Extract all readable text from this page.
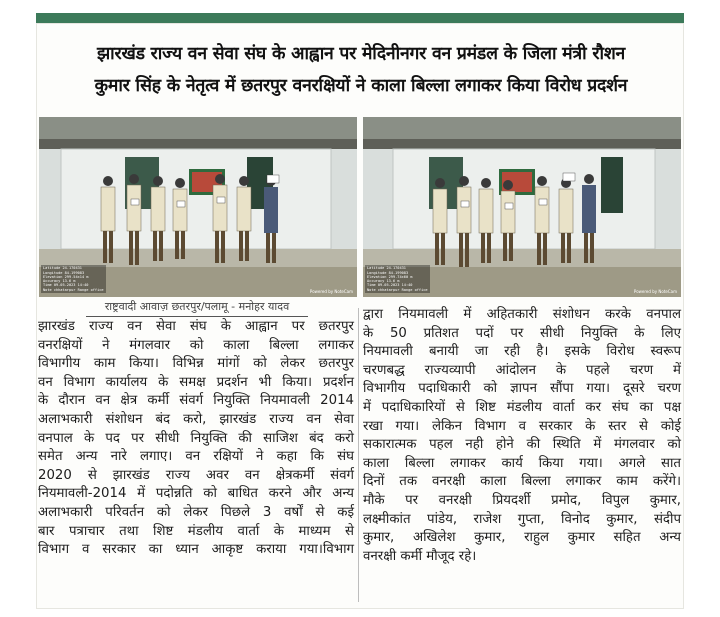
झारखंड राज्य वन सेवा संघ के आह्वान पर मेदिनीनगर वन प्रमंडल के जिला मंत्री रौशन
कुमार सिंह के नेतृत्व में छतरपुर वनरक्षियों ने काला बिल्ला लगाकर किया विरोध प्रदर्शन
Latitude 24.170431
Longitude 84.199083
Elevation 299.54±14 m
Accuracy 13.6 m
Time 09-05-2023 14:40
Note chhatarpur Range office	Powered by NoteCam
Latitude 24.170431
Longitude 84.199083
Elevation 299.74±60 m
Accuracy 13.6 m
Time 09-05-2023 14:40
Note chhatarpur Range office	Powered by NoteCam
राष्ट्रवादी आवाज़ छतरपुर/पलामू - मनोहर यादव

झारखंड राज्य वन सेवा संघ के आह्वान पर छतरपुर

वनरक्षियों ने मंगलवार को काला बिल्ला लगाकर

विभागीय काम किया। विभिन्न मांगों को लेकर छतरपुर

वन विभाग कार्यालय के समक्ष प्रदर्शन भी किया। प्रदर्शन

के दौरान वन क्षेत्र कर्मी संवर्ग नियुक्ति नियमावली 2014

अलाभकारी संशोधन बंद करो, झारखंड राज्य वन सेवा

वनपाल के पद पर सीधी नियुक्ति की साजिश बंद करो

समेत अन्य नारे लगाए। वन रक्षियों ने कहा कि संघ

2020 से झारखंड राज्य अवर वन क्षेत्रकर्मी संवर्ग

नियमावली-2014 में पदोन्नति को बाधित करने और अन्य

अलाभकारी परिवर्तन को लेकर पिछले 3 वर्षों से कई

बार पत्राचार तथा शिष्ट मंडलीय वार्ता के माध्यम से

विभाग व सरकार का ध्यान आकृष्ट कराया गया।विभाग

द्वारा नियमावली में अहितकारी संशोधन करके वनपाल

के 50 प्रतिशत पदों पर सीधी नियुक्ति के लिए

नियमावली बनायी जा रही है। इसके विरोध स्वरूप

चरणबद्ध राज्यव्यापी आंदोलन के पहले चरण में

विभागीय पदाधिकारी को ज्ञापन सौंपा गया। दूसरे चरण

में पदाधिकारियों से शिष्ट मंडलीय वार्ता कर संघ का पक्ष

रखा गया। लेकिन विभाग व सरकार के स्तर से कोई

सकारात्मक पहल नही होने की स्थिति में मंगलवार को

काला बिल्ला लगाकर कार्य किया गया। अगले सात

दिनों तक वनरक्षी काला बिल्ला लगाकर काम करेंगे।

मौके पर वनरक्षी प्रियदर्शी प्रमोद, विपुल कुमार,

लक्ष्मीकांत पांडेय, राजेश गुप्ता, विनोद कुमार, संदीप

कुमार, अखिलेश कुमार, राहुल कुमार सहित अन्य

वनरक्षी कर्मी मौजूद रहे।
